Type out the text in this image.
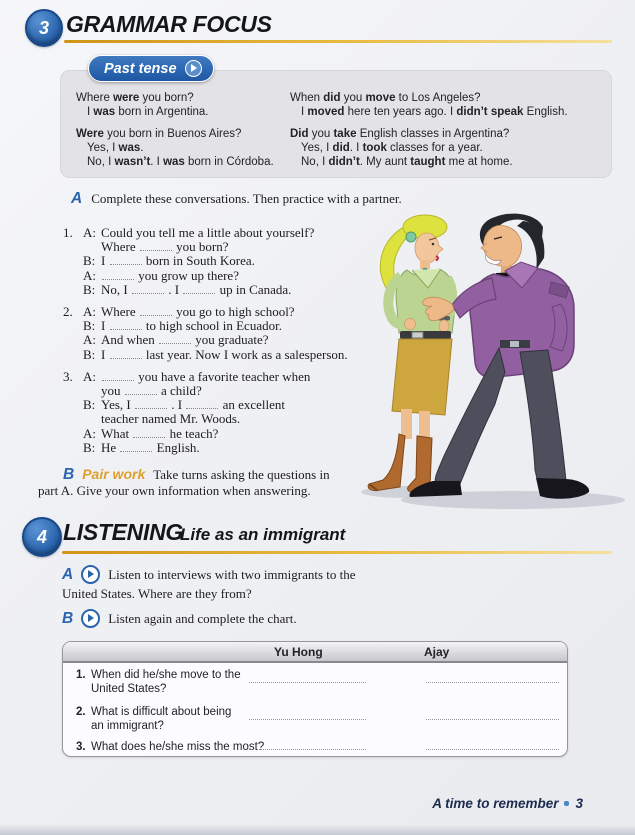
3 GRAMMAR FOCUS
Where were you born?
I was born in Argentina.
Were you born in Buenos Aires?
Yes, I was.
No, I wasn’t. I was born in Córdoba.
When did you move to Los Angeles?
I moved here ten years ago. I didn’t speak English.
Did you take English classes in Argentina?
Yes, I did. I took classes for a year.
No, I didn’t. My aunt taught me at home.
Past tense
A Complete these conversations. Then practice with a partner.
1. A: Could you tell me a little about yourself?
Where	you born?
B: I	born in South Korea.
A:	you grow up there?
B: No, I	. I	up in Canada.
2. A: Where	you go to high school?
B: I	to high school in Ecuador.
A: And when	you graduate?
B: I	last year. Now I work as a salesperson.
3. A:	you have a favorite teacher when
you	a child?
B: Yes, I	. I	an excellent
teacher named Mr. Woods.
A: What	he teach?
B: He	English.
B Pair work Take turns asking the questions in
part A. Give your own information when answering.
4 LISTENING
Life as an immigrant
A	Listen to interviews with two immigrants to the
United States. Where are they from?
B	Listen again and complete the chart.
Yu Hong	Ajay
1. When did he/she move to the
United States?
2. What is difficult about being
an immigrant?
3. What does he/she miss the most?
A time to remember 3
